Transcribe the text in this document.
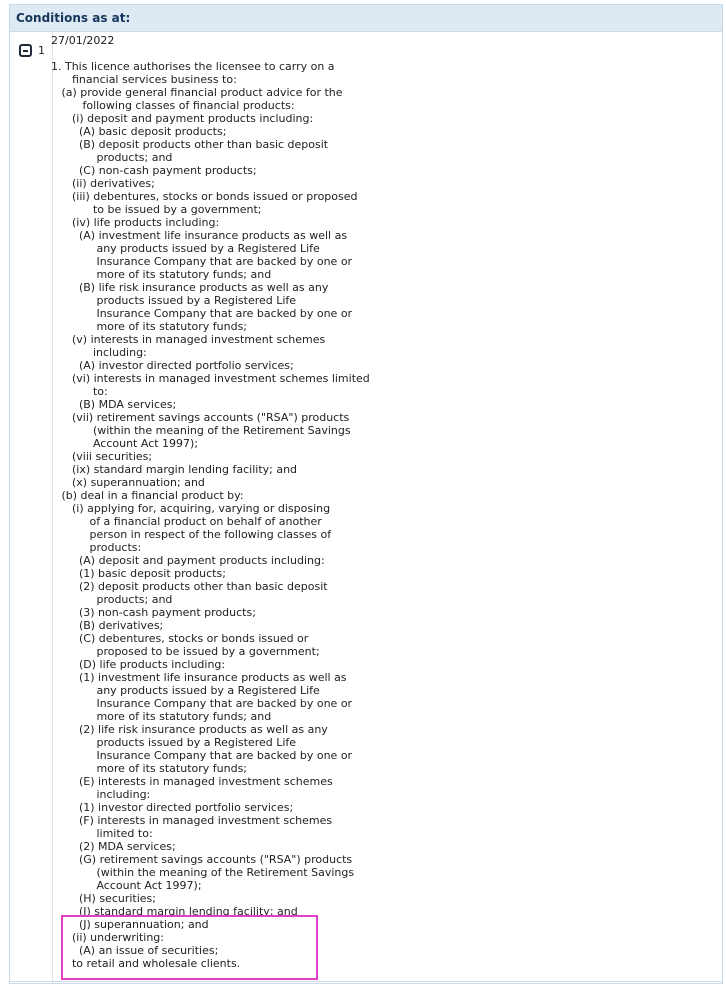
Conditions as at:
1
27/01/2022
1. This licence authorises the licensee to carry on a
financial services business to:
(a) provide general financial product advice for the
following classes of financial products:
(i) deposit and payment products including:
(A) basic deposit products;
(B) deposit products other than basic deposit
products; and
(C) non-cash payment products;
(ii) derivatives;
(iii) debentures, stocks or bonds issued or proposed
to be issued by a government;
(iv) life products including:
(A) investment life insurance products as well as
any products issued by a Registered Life
Insurance Company that are backed by one or
more of its statutory funds; and
(B) life risk insurance products as well as any
products issued by a Registered Life
Insurance Company that are backed by one or
more of its statutory funds;
(v) interests in managed investment schemes
including:
(A) investor directed portfolio services;
(vi) interests in managed investment schemes limited
to:
(B) MDA services;
(vii) retirement savings accounts ("RSA") products
(within the meaning of the Retirement Savings
Account Act 1997);
(viii securities;
(ix) standard margin lending facility; and
(x) superannuation; and
(b) deal in a financial product by:
(i) applying for, acquiring, varying or disposing
of a financial product on behalf of another
person in respect of the following classes of
products:
(A) deposit and payment products including:
(1) basic deposit products;
(2) deposit products other than basic deposit
products; and
(3) non-cash payment products;
(B) derivatives;
(C) debentures, stocks or bonds issued or
proposed to be issued by a government;
(D) life products including:
(1) investment life insurance products as well as
any products issued by a Registered Life
Insurance Company that are backed by one or
more of its statutory funds; and
(2) life risk insurance products as well as any
products issued by a Registered Life
Insurance Company that are backed by one or
more of its statutory funds;
(E) interests in managed investment schemes
including:
(1) investor directed portfolio services;
(F) interests in managed investment schemes
limited to:
(2) MDA services;
(G) retirement savings accounts ("RSA") products
(within the meaning of the Retirement Savings
Account Act 1997);
(H) securities;
(I) standard margin lending facility; and
(J) superannuation; and
(ii) underwriting:
(A) an issue of securities;
to retail and wholesale clients.
